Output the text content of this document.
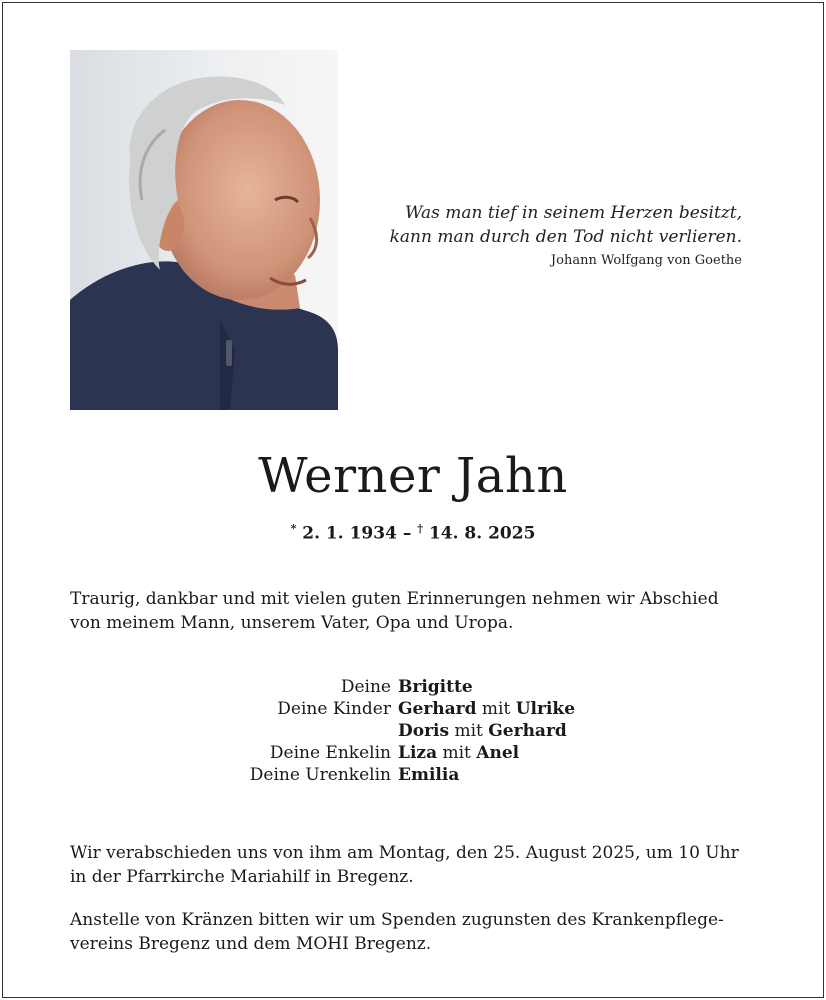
Was man tief in seinem Herzen besitzt,
kann man durch den Tod nicht verlieren.
Johann Wolfgang von Goethe
Werner Jahn
* 2. 1. 1934 – † 14. 8. 2025
Traurig, dankbar und mit vielen guten Erinnerungen nehmen wir Abschied
von meinem Mann, unserem Vater, Opa und Uropa.
Deine Brigitte
Deine Kinder Gerhard mit Ulrike
Doris mit Gerhard
Deine Enkelin Liza mit Anel
Deine Urenkelin Emilia
Wir verabschieden uns von ihm am Montag, den 25. August 2025, um 10 Uhr
in der Pfarrkirche Mariahilf in Bregenz.
Anstelle von Kränzen bitten wir um Spenden zugunsten des Krankenpflege-
vereins Bregenz und dem MOHI Bregenz.
